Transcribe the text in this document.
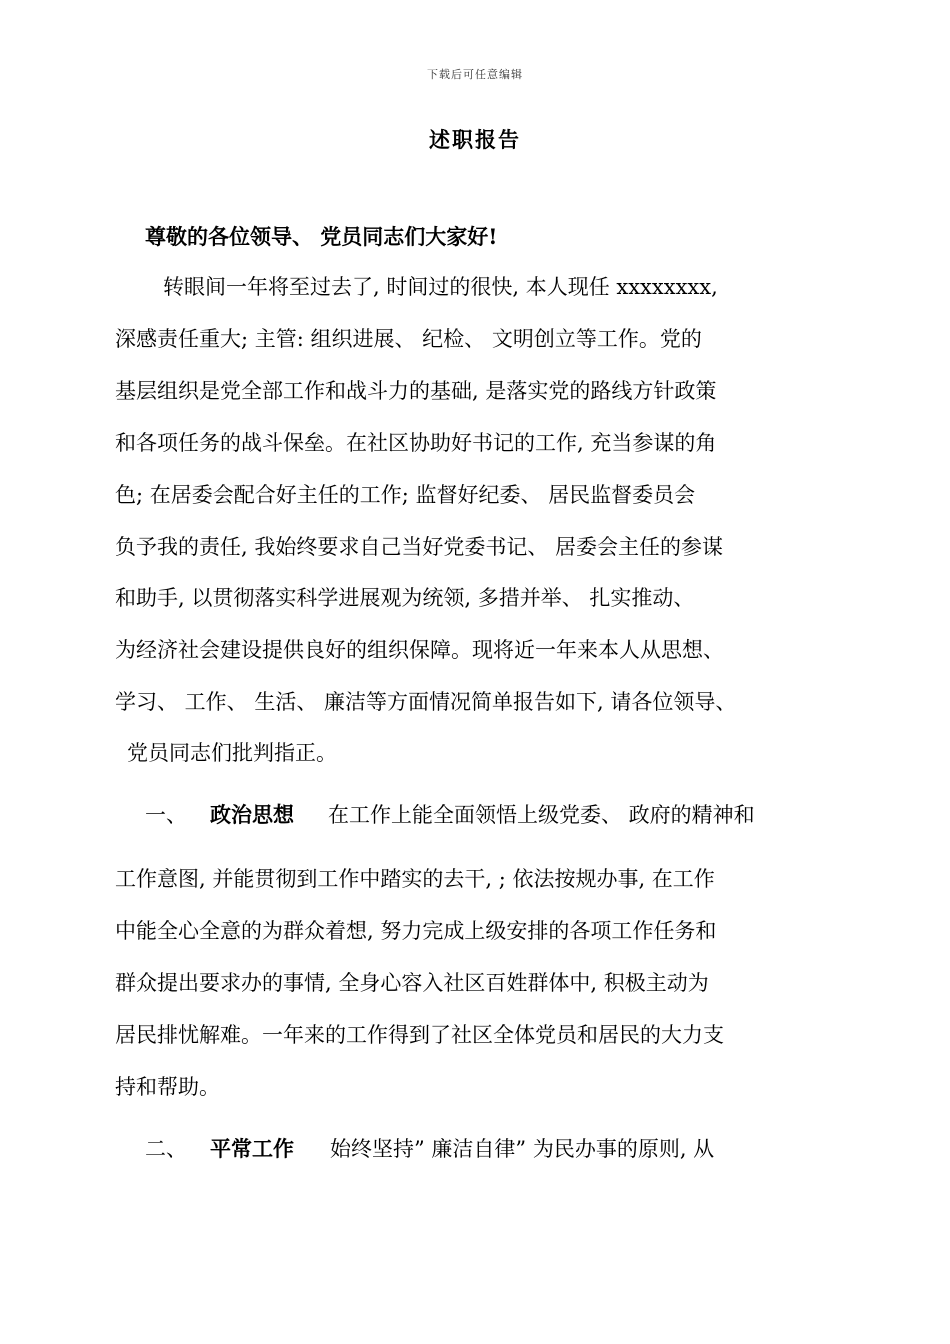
下载后可任意编辑
述职报告
尊敬的各位领导、 党员同志们大家好!
转眼间一年将至过去了, 时间过的很快, 本人现任 xxxxxxxx,
深感责任重大; 主管: 组织进展、 纪检、 文明创立等工作。党的
基层组织是党全部工作和战斗力的基础, 是落实党的路线方针政策
和各项任务的战斗保垒。在社区协助好书记的工作, 充当参谋的角
色; 在居委会配合好主任的工作; 监督好纪委、 居民监督委员会
负予我的责任, 我始终要求自己当好党委书记、 居委会主任的参谋
和助手, 以贯彻落实科学进展观为统领, 多措并举、 扎实推动、
为经济社会建设提供良好的组织保障。现将近一年来本人从思想、
学习、 工作、 生活、 廉洁等方面情况简单报告如下, 请各位领导、
党员同志们批判指正。
一、 政治思想 在工作上能全面领悟上级党委、 政府的精神和
工作意图, 并能贯彻到工作中踏实的去干, ; 依法按规办事, 在工作
中能全心全意的为群众着想, 努力完成上级安排的各项工作任务和
群众提出要求办的事情, 全身心容入社区百姓群体中, 积极主动为
居民排忧解难。一年来的工作得到了社区全体党员和居民的大力支
持和帮助。
二、 平常工作 始终坚持” 廉洁自律” 为民办事的原则, 从
